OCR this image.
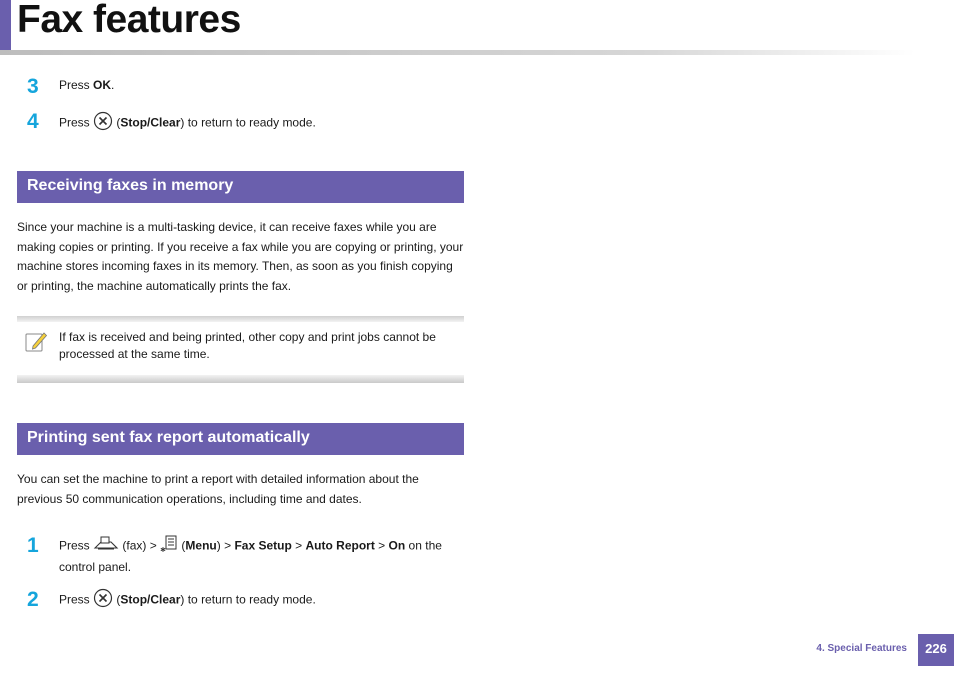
Fax features
3	Press OK.
4	Press (Stop/Clear) to return to ready mode.
Receiving faxes in memory
Since your machine is a multi-tasking device, it can receive faxes while you are making copies or printing. If you receive a fax while you are copying or printing, your machine stores incoming faxes in its memory. Then, as soon as you finish copying or printing, the machine automatically prints the fax.
If fax is received and being printed, other copy and print jobs cannot be processed at the same time.
Printing sent fax report automatically
You can set the machine to print a report with detailed information about the previous 50 communication operations, including time and dates.
1	Press	(fax) > (Menu) > Fax Setup > Auto Report > On on the control panel.
2	Press (Stop/Clear) to return to ready mode.
4. Special Features	226
